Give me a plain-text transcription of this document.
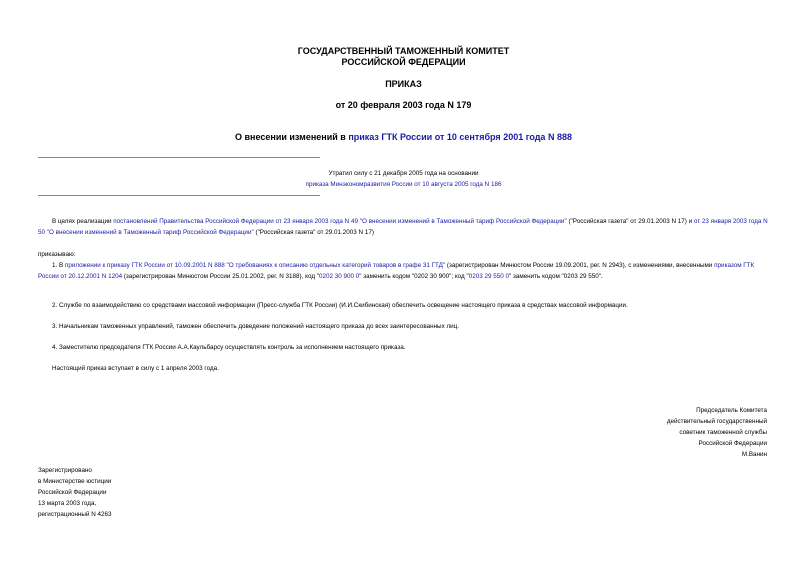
ГОСУДАРСТВЕННЫЙ ТАМОЖЕННЫЙ КОМИТЕТ
РОССИЙСКОЙ ФЕДЕРАЦИИ
ПРИКАЗ
от 20 февраля 2003 года N 179
О внесении изменений в приказ ГТК России от 10 сентября 2001 года N 888
Утратил силу с 21 декабря 2005 года на основании
приказа Минэкономразвития России от 10 августа 2005 года N 186
В целях реализации постановлений Правительства Российской Федерации от 23 января 2003 года N 49 "О внесении изменений в Таможенный тариф Российской Федерации" ("Российская газета" от 29.01.2003 N 17) и от 23 января 2003 года N 50 "О внесении изменений в Таможенный тариф Российской Федерации" ("Российская газета" от 29.01.2003 N 17)
приказываю:
1. В приложении к приказу ГТК России от 10.09.2001 N 888 "О требованиях к описанию отдельных категорий товаров в графе 31 ГТД" (зарегистрирован Минюстом России 19.09.2001, рег. N 2943), с изменениями, внесенными приказом ГТК России от 20.12.2001 N 1204 (зарегистрирован Минюстом России 25.01.2002, рег. N 3188), код "0202 30 900 0" заменить кодом "0202 30 900"; код "0203 29 550 0" заменить кодом "0203 29 550".
2. Службе по взаимодействию со средствами массовой информации (Пресс-служба ГТК России) (И.И.Скибинская) обеспечить освещение настоящего приказа в средствах массовой информации.
3. Начальникам таможенных управлений, таможен обеспечить доведение положений настоящего приказа до всех заинтересованных лиц.
4. Заместителю председателя ГТК России А.А.Каульбарсу осуществлять контроль за исполнением настоящего приказа.
Настоящий приказ вступает в силу с 1 апреля 2003 года.
Председатель Комитета
действительный государственный
советник таможенной службы
Российской Федерации
М.Ванин
Зарегистрировано
в Министерстве юстиции
Российской Федерации
13 марта 2003 года,
регистрационный N 4263
